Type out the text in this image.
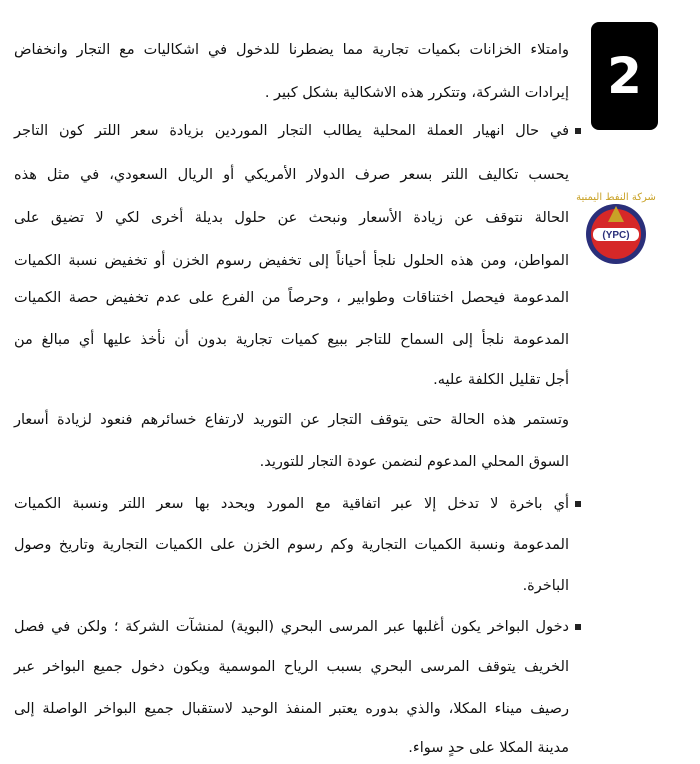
2
(YPC)
شركة النفط اليمنية
وامتلاء الخزانات بكميات تجارية مما يضطرنا للدخول في اشكاليات مع التجار وانخفاض
إيرادات الشركة، وتتكرر هذه الاشكالية بشكل كبير .
في حال انهيار العملة المحلية يطالب التجار الموردين بزيادة سعر اللتر كون التاجر
يحسب تكاليف اللتر بسعر صرف الدولار الأمريكي أو الريال السعودي، في مثل هذه
الحالة نتوقف عن زيادة الأسعار ونبحث عن حلول بديلة أخرى لكي لا تضيق على
المواطن، ومن هذه الحلول نلجأ أحياناً إلى تخفيض رسوم الخزن أو تخفيض نسبة الكميات
المدعومة فيحصل اختناقات وطوابير ، وحرصاً من الفرع على عدم تخفيض حصة الكميات
المدعومة نلجأ إلى السماح للتاجر ببيع كميات تجارية بدون أن نأخذ عليها أي مبالغ من
أجل تقليل الكلفة عليه.
وتستمر هذه الحالة حتى يتوقف التجار عن التوريد لارتفاع خسائرهم فنعود لزيادة أسعار
السوق المحلي المدعوم لنضمن عودة التجار للتوريد.
أي باخرة لا تدخل إلا عبر اتفاقية مع المورد ويحدد بها سعر اللتر ونسبة الكميات
المدعومة ونسبة الكميات التجارية وكم رسوم الخزن على الكميات التجارية وتاريخ وصول
الباخرة.
دخول البواخر يكون أغلبها عبر المرسى البحري (البوية) لمنشآت الشركة ؛ ولكن في فصل
الخريف يتوقف المرسى البحري بسبب الرياح الموسمية ويكون دخول جميع البواخر عبر
رصيف ميناء المكلا، والذي بدوره يعتبر المنفذ الوحيد لاستقبال جميع البواخر الواصلة إلى
مدينة المكلا على حدٍ سواء.
